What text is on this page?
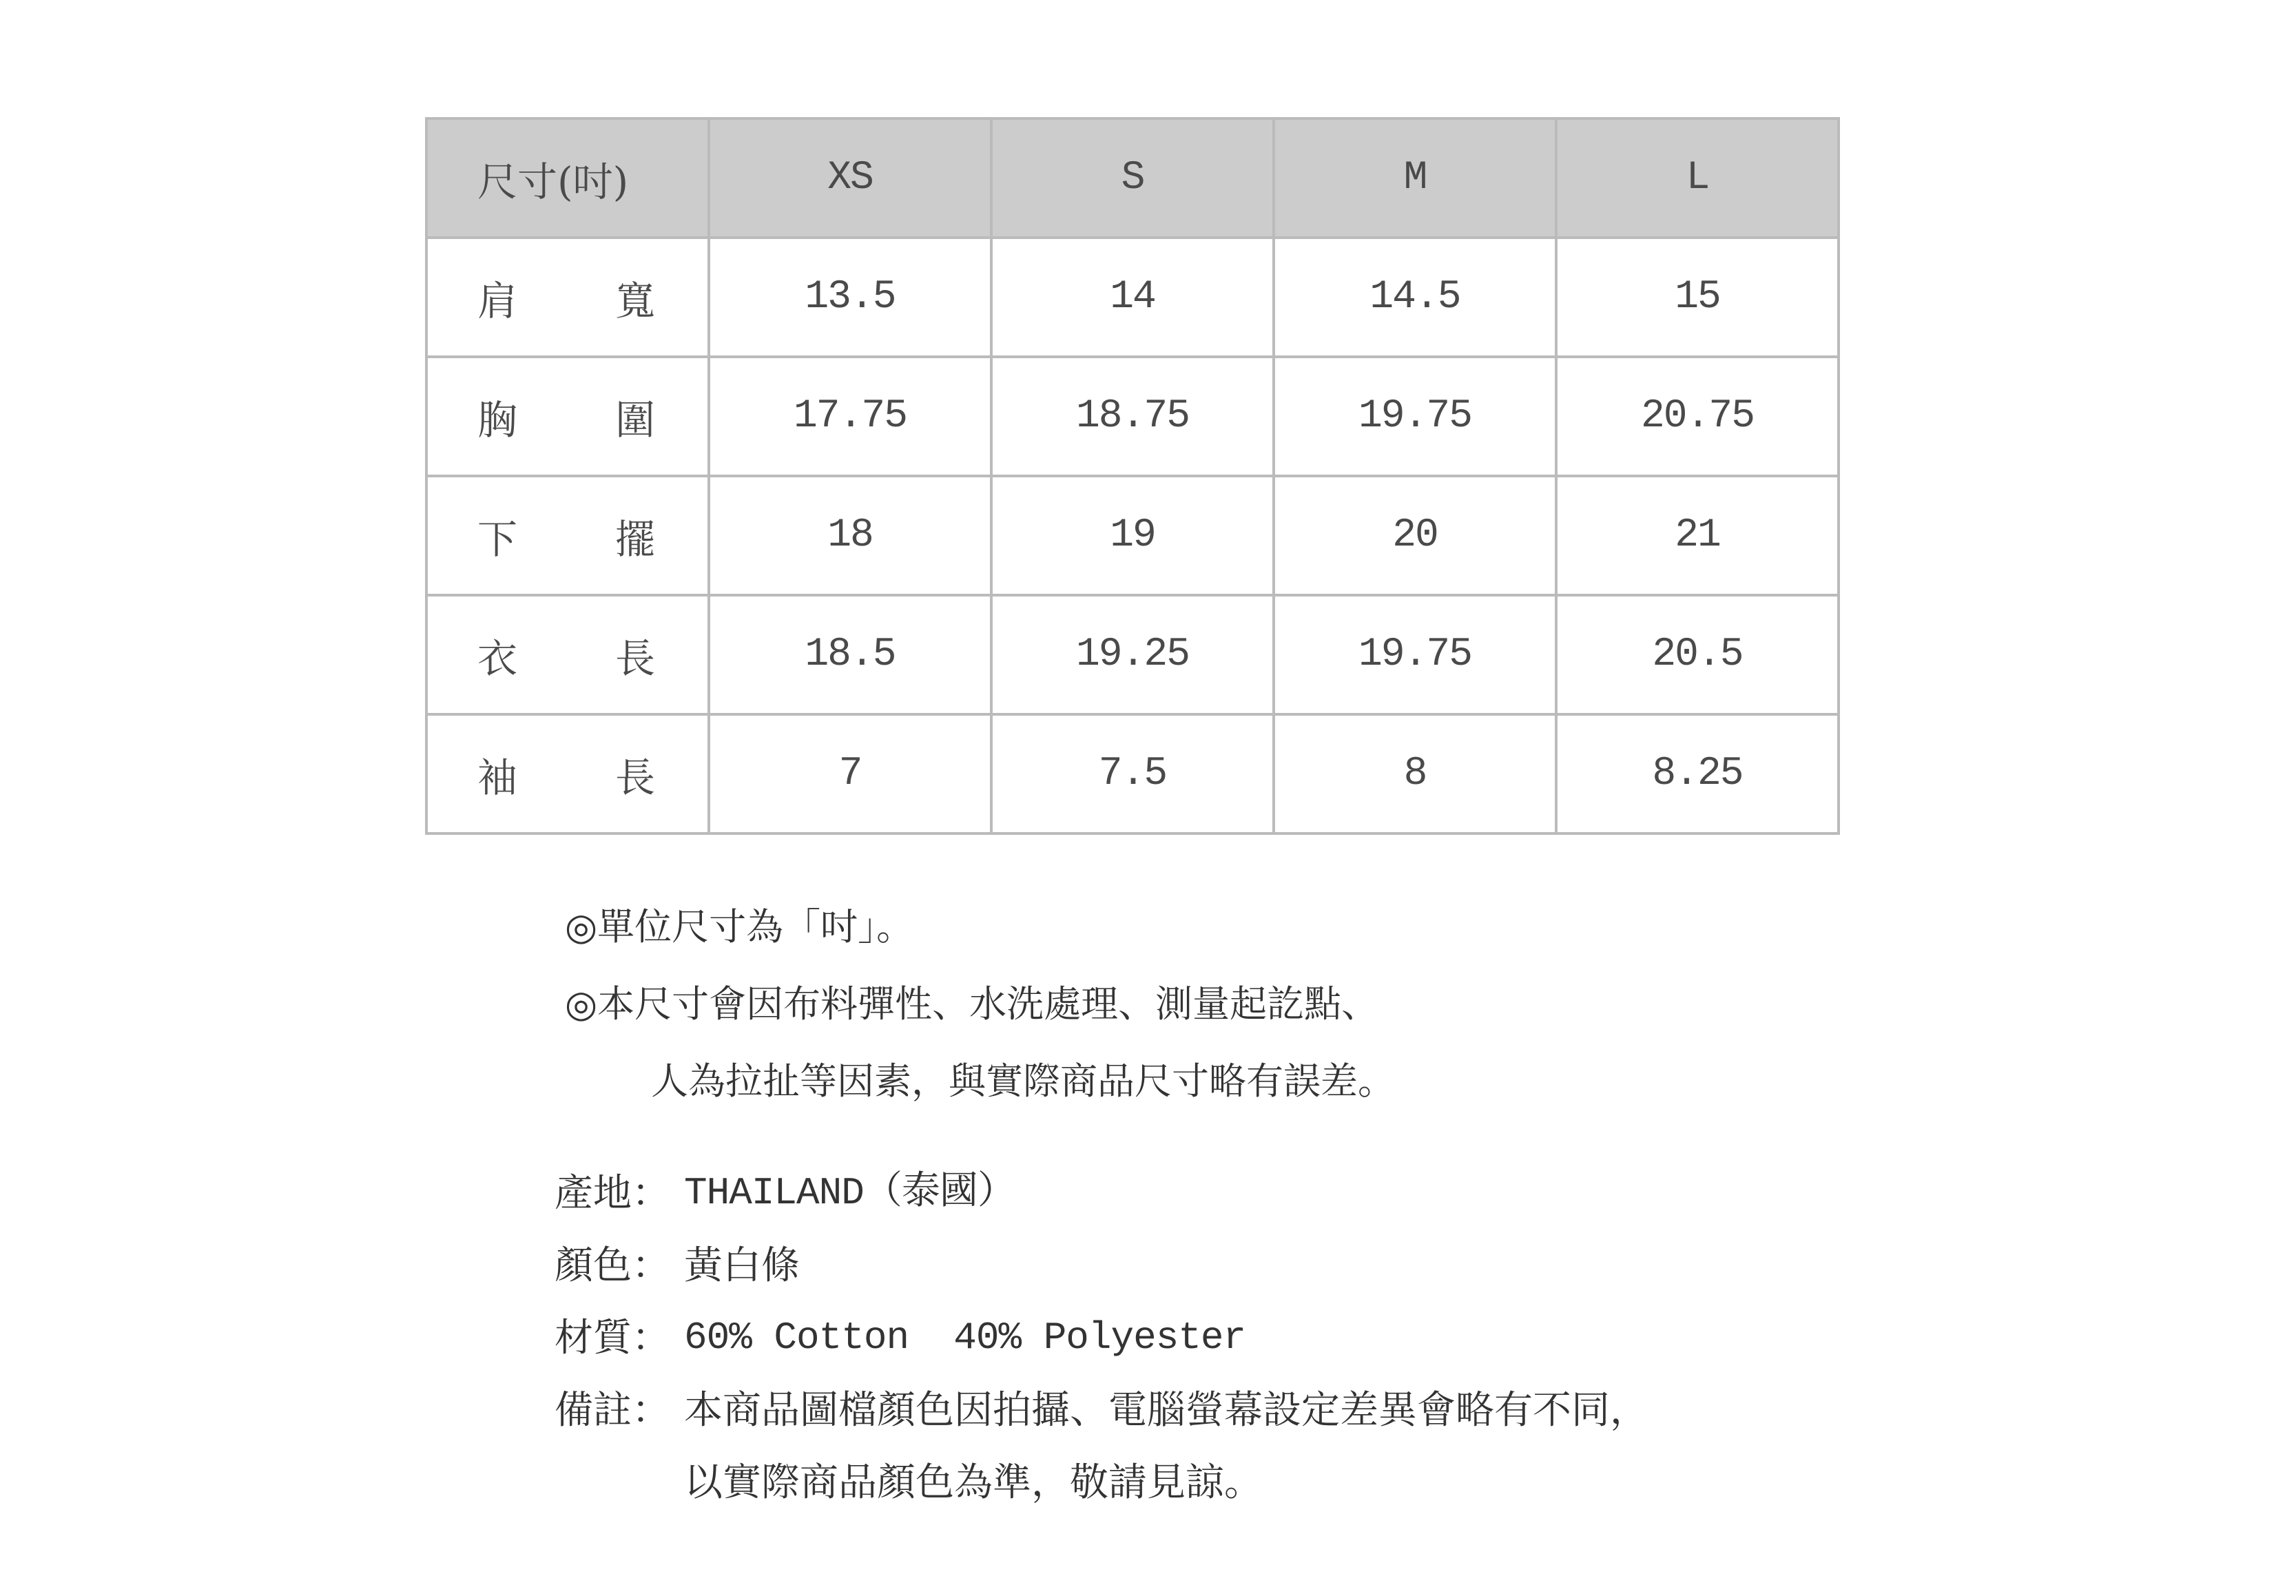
尺寸(吋)	XS	S	M	L

肩 寬	13.5	14	14.5	15

胸 圍	17.75	18.75	19.75	20.75

下 擺	18	19	20	21

衣 長	18.5	19.25	19.75	20.5

袖 長	7	7.5	8	8.25
◎單位尺寸為「吋」。
◎本尺寸會因布料彈性、水洗處理、測量起訖點、
人為拉扯等因素，與實際商品尺寸略有誤差。
產地： THAILAND（泰國）
顏色： 黃白條
材質： 60% Cotton  40% Polyester
備註： 本商品圖檔顏色因拍攝、電腦螢幕設定差異會略有不同，
以實際商品顏色為準，敬請見諒。
